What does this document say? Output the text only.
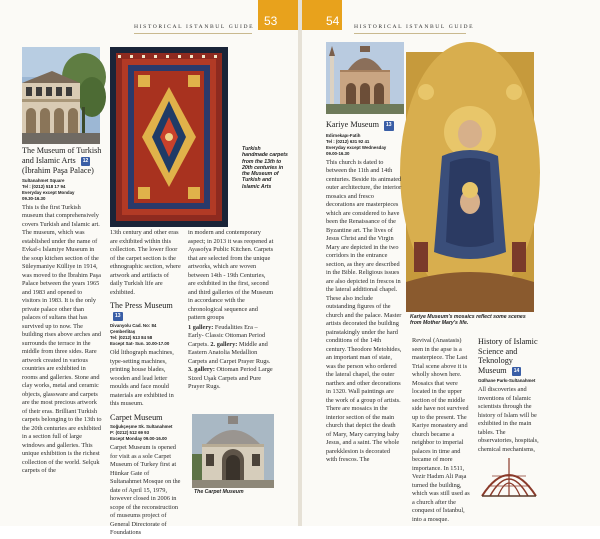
53
HISTORICAL ISTANBUL GUIDE
Turkish handmade carpets from the 13th to 20th centuries in the Museum of Turkish and Islamic Arts
The Museum of Turkish and Islamic Arts 12
(İbrahim Paşa Palace)
Sultanahmet Square
Tel : (0212) 518 17 94
Everyday except Monday
09.30-16.30

This is the first Turkish museum that comprehensively covers Turkish and Islamic art. The museum, which was established under the name of Evkaf-ı İslamiye Museum in the soup kitchen section of the Süleymaniye Külliye in 1914, was moved to the İbrahim Paşa Palace between the years 1965 and 1983 and opened to visitors in 1983. It is the only private palace other than palaces of sultans that has survived up to now. The building rises above arches and surrounds the terrace in the middle from three sides. Rare artwork created in various countries are exhibited in rooms and galleries. Stone and clay works, metal and ceramic objects, glassware and carpets are the most precious artwork of their eras. Brilliant Turkish carpets belonging to the 13th to the 20th centuries are exhibited in a section full of large windows and galleries. This unique exhibition is the richest collection of the world. Selçuk carpets of the

13th century and other eras are exhibited within this collection. The lower floor of the carpet section is the ethnographic section, where artwork and artifacts of daily Turkish life are exhibited.

The Press Museum 13
Divanyolu Cad. No: 84 Çemberlitaş
Tel: (0212) 513 84 58
Except Sat- Sun. 10.00-17.00

Old lithograph machines, type-setting machines, printing house blades, wooden and lead letter moulds and face mould materials are exhibited in this museum.

Carpet Museum
Soğukçeşme Sk. Sultanahmet
P: (0212) 512 69 93
Except Monday 09.00-16.00

Carpet Museum is opened for visit as a sole Carpet Museum of Turkey first at Hünkar Gate of Sultanahmet Mosque on the date of April 15, 1979, however closed in 2006 in scope of the reconstruction of museums project of General Directorate of Foundations

in modern and contemporary aspect; in 2013 it was reopened at Ayasofya Public Kitchen. Carpets that are selected from the unique artworks, which are woven between 14th - 19th Centuries, are exhibited in the first, second and third galleries of the Museum in accordance with the chronological sequence and pattern groups

1 gallery: Feudalities Era – Early- Classic Ottoman Period Carpets. 2. gallery: Middle and Eastern Anatolia Medallion Carpets and Carpet Prayer Rugs. 3. gallery: Ottoman Period Large Sized Uşak Carpets and Pure Prayer Rugs.

The Carpet Museum
54	HISTORICAL ISTANBUL GUIDE
Kariye Museum's mosaics reflect some scenes from Mother Mary's life.
Kariye Museum 13
Edirnekapı-Fatih
Tel : (0212) 631 92 41
Everyday except Wednesday
09.00-16.30

This church is dated to between the 11th and 14th centuries. Beside its animated outer architecture, the interior mosaics and fresco decorations are masterpieces which are considered to have been the Renaissance of the Byzantine art. The lives of Jesus Christ and the Virgin Mary are depicted in the two corridors in the entrance section, as they are described in the Bible. Religious issues are also depicted in frescos in the lateral additional chapel. These also include outstanding figures of the church and the palace. Master artists decorated the building painstakingly under the hard conditions of the 14th century. Theodore Metohides, an important man of state, was the person who ordered the lateral chapel, the outer narthex and other decorations in 1320. Wall paintings are the work of a group of artists. There are mosaics in the interior section of the main church that depict the death of Mary, Mary carrying baby Jesus, and a saint. The whole parekklesion is decorated with frescos. The

Revival (Anastasis) seen in the apse is a masterpiece. The Last Trial scene above it is wholly shown here. Mosaics that were located in the upper section of the middle side have not survived up to the present. The Kariye monastery and church became a neighbor to imperial palaces in time and became of more importance. In 1511, Vezir Hadım Ali Paşa turned the building, which was still used as a church after the conquest of İstanbul, into a mosque.

History of Islamic Science and Teknology Museum 14
Gülhane Parkı-Sultanahmet

All discoveries and inventions of Islamic scientists through the history of Islam will be exhibited in the main tables. The observatories, hospitals, chemical mechanisms,
